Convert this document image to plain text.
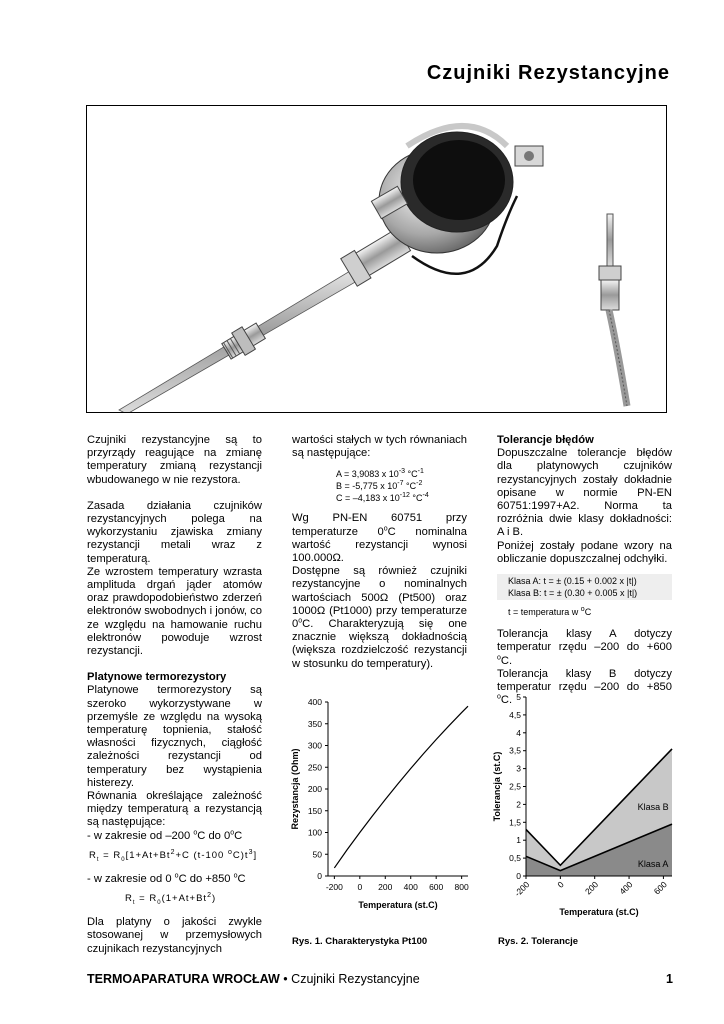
Czujniki Rezystancyjne

Czujniki rezystancyjne są to przyrządy reagujące na zmianę temperatury zmianą rezystancji wbudowanego w nie rezystora.

Zasada działania czujników rezystancyjnych polega na wykorzystaniu zjawiska zmiany rezystancji metali wraz z temperaturą.

Ze wzrostem temperatury wzrasta amplituda drgań jąder atomów oraz prawdopodobieństwo zderzeń elektronów swobodnych i jonów, co ze względu na hamowanie ruchu elektronów powoduje wzrost rezystancji.

Platynowe termorezystory

Platynowe termorezystory są szeroko wykorzystywane w przemyśle ze względu na wysoką temperaturę topnienia, stałość własności fizycznych, ciągłość zależności rezystancji od temperatury bez wystąpienia histerezy.

Równania określające zależność między temperaturą a rezystancją są następujące:

- w zakresie od –200 $^o$C do 0$^o$C

$R_t = R_0[1+At+Bt^2+C$ (t-100 $^oC)t^3$]

- w zakresie od 0 $^o$C do +850 $^o$C

$R_t = R_0(1+At+Bt^2)$

Dla platyny o jakości zwykle stosowanej w przemysłowych czujnikach rezystancyjnych

wartości stałych w tych równaniach są następujące:

A = 3,9083 x $10^{-3}$ $^\circ C^{-1}$
B = -5,775 x $10^{-7}$ $^\circ C^{-2}$
C = –4,183 x $10^{-12}$ $^\circ C^{-4}$

Wg PN-EN 60751 przy temperaturze 0$^o$C nominalna wartość rezystancji wynosi 100.000Ω.

Dostępne są również czujniki rezystancyjne o nominalnych wartościach 500Ω (Pt500) oraz 1000Ω (Pt1000) przy temperaturze 0$^o$C. Charakteryzują się one znacznie większą dokładnością (większa rozdzielczość rezystancji w stosunku do temperatury).

Tolerancje błędów

Dopuszczalne tolerancje błędów dla platynowych czujników rezystancyjnych zostały dokładnie opisane w normie PN-EN 60751:1997+A2. Norma ta rozróżnia dwie klasy dokładności: A i B.

Poniżej zostały podane wzory na obliczanie dopuszczalnej odchyłki.

Klasa A: t = ± (0.15 + 0.002 x |t|)
Klasa B: t = ± (0.30 + 0.005 x |t|)

t = temperatura w $^o$C

Tolerancja klasy A dotyczy temperatur rzędu –200 do +600 $^o$C.

Tolerancja klasy B dotyczy temperatur rzędu –200 do +850 $^o$C.

0
50
100
150
200
250
300
350
400
-200 0 200 400 600 800
Temperatura (st.C)
Rezystancja (Ohm)
0
0,5
1
1,5
2
2,5
3
3,5
4
4,5
5
-200	0 200 400 600
Klasa B
Klasa A
Temperatura (st.C)
Tolerancja (st.C)
Rys. 1. Charakterystyka Pt100	Rys. 2. Tolerancje
TERMOAPARATURA WROCŁAW • Czujniki Rezystancyjne	1
